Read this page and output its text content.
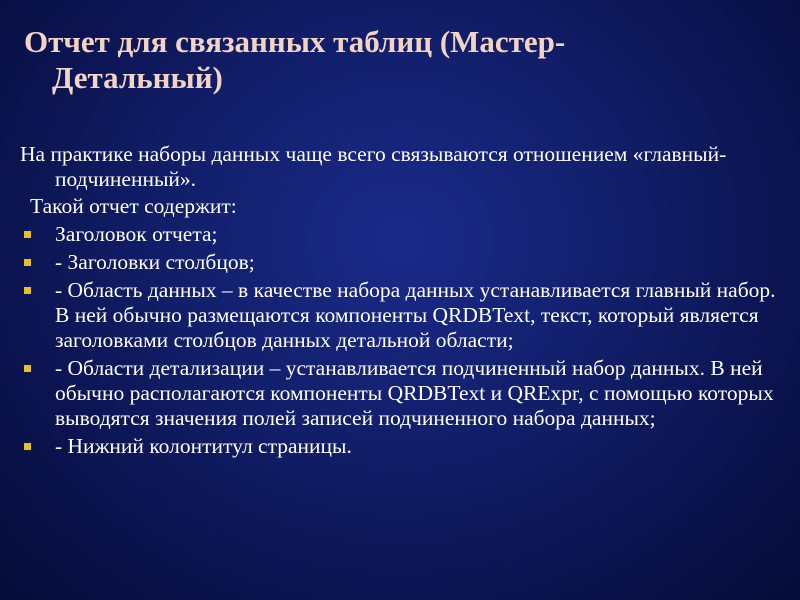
Отчет для связанных таблиц (Мастер-
Детальный)

На практике наборы данных чаще всего связываются отношением «главный-подчиненный».

Такой отчет содержит:

Заголовок отчета;
- Заголовки столбцов;
- Область данных – в качестве набора данных устанавливается главный набор. В ней обычно размещаются компоненты QRDBText, текст, который является заголовками столбцов данных детальной области;
- Области детализации – устанавливается подчиненный набор данных. В ней обычно располагаются компоненты QRDBText и QRExpr, с помощью которых выводятся значения полей записей подчиненного набора данных;
- Нижний колонтитул страницы.
